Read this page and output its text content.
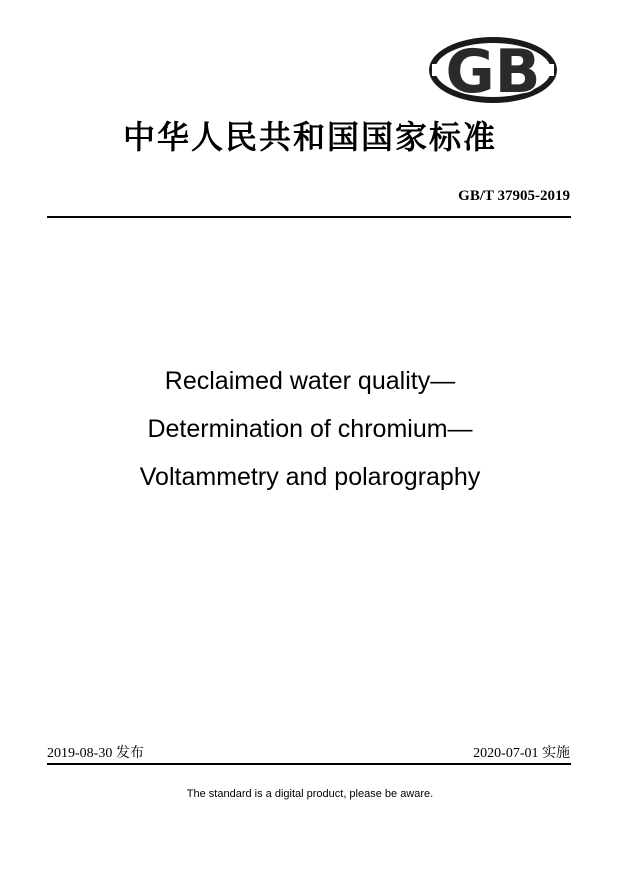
GB
中华人民共和国国家标准
GB/T 37905-2019
Reclaimed water quality—
Determination of chromium—
Voltammetry and polarography
2019-08-30 发布	2020-07-01 实施
The standard is a digital product, please be aware.
